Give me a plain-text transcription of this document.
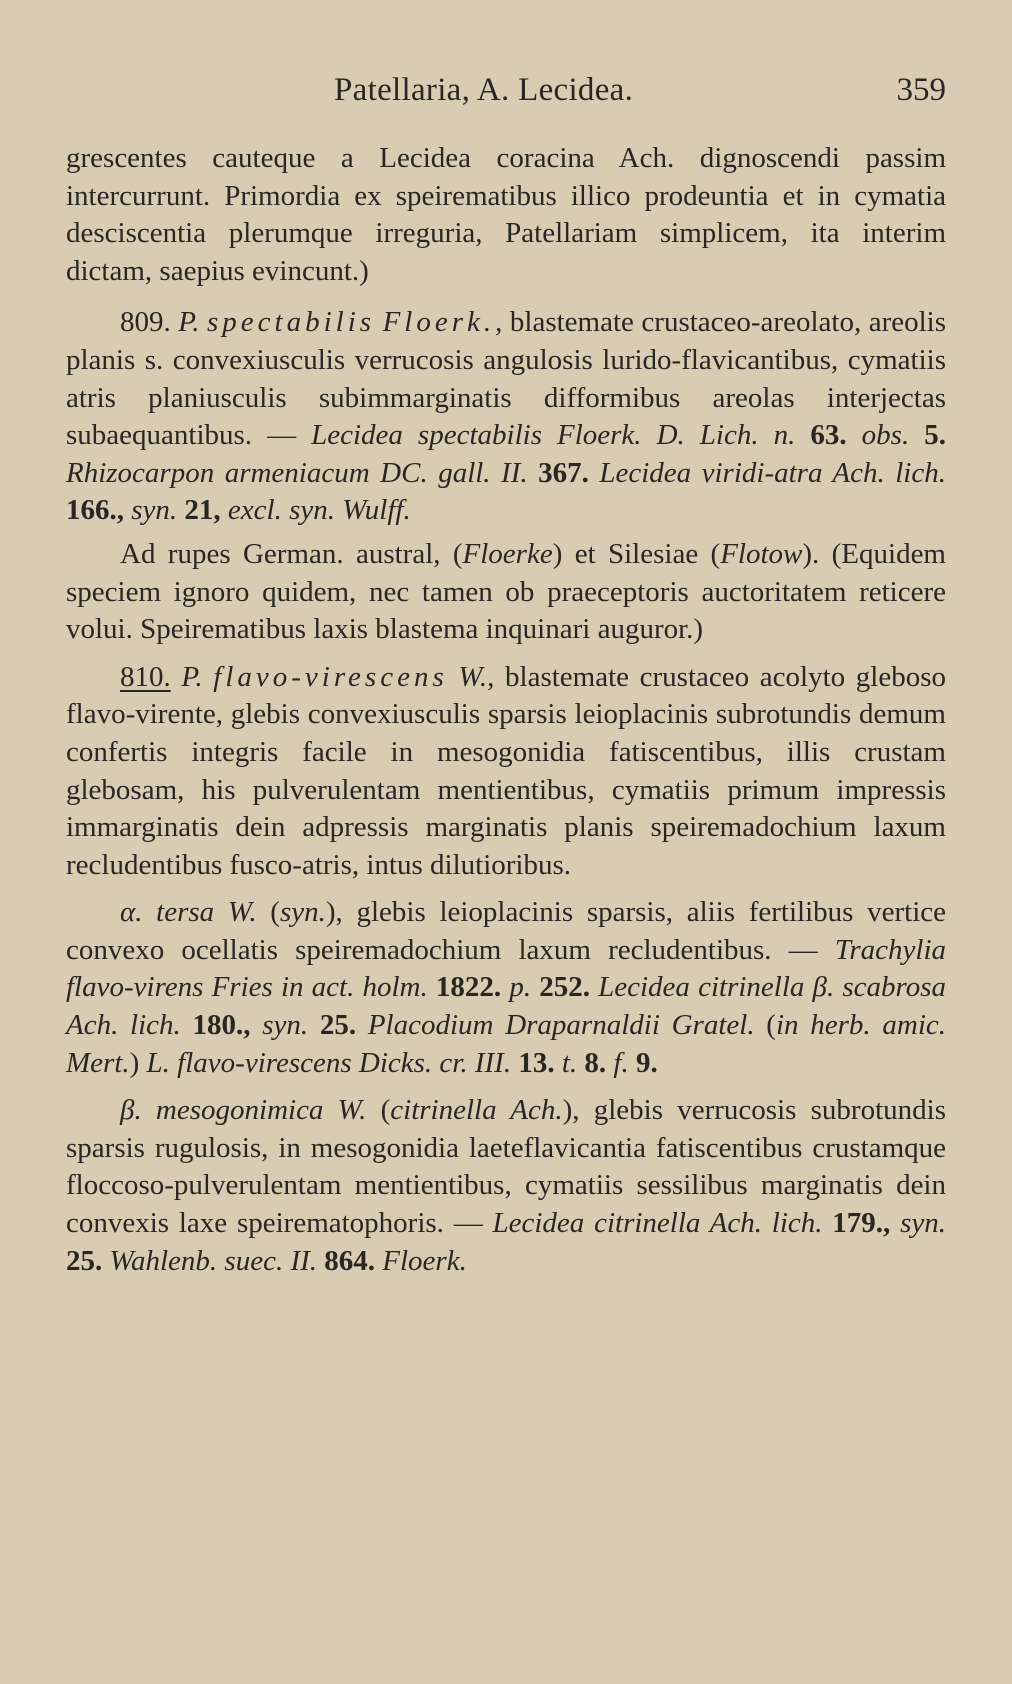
Patellaria, A. Lecidea.	359

grescentes cauteque a Lecidea coracina Ach. dignoscendi passim intercurrunt. Primordia ex speirematibus illico prodeuntia et in cymatia desciscentia plerumque irreguria, Patellariam simplicem, ita interim dictam, saepius evincunt.)

809. P. spectabilis Floerk., blastemate crustaceo-areolato, areolis planis s. convexiusculis verrucosis angulosis lurido-flavicantibus, cymatiis atris planiusculis subimmarginatis difformibus areolas interjectas subaequantibus. — Lecidea spectabilis Floerk. D. Lich. n. 63. obs. 5. Rhizocarpon armeniacum DC. gall. II. 367. Lecidea viridi-atra Ach. lich. 166., syn. 21, excl. syn. Wulff.

Ad rupes German. austral, (Floerke) et Silesiae (Flotow). (Equidem speciem ignoro quidem, nec tamen ob praeceptoris auctoritatem reticere volui. Speirematibus laxis blastema inquinari auguror.)

810. P. flavo-virescens W., blastemate crustaceo acolyto gleboso flavo-virente, glebis convexiusculis sparsis leioplacinis subrotundis demum confertis integris facile in mesogonidia fatiscentibus, illis crustam glebosam, his pulverulentam mentientibus, cymatiis primum impressis immarginatis dein adpressis marginatis planis speiremadochium laxum recludentibus fusco-atris, intus dilutioribus.

α. tersa W. (syn.), glebis leioplacinis sparsis, aliis fertilibus vertice convexo ocellatis speiremadochium laxum recludentibus. — Trachylia flavo-virens Fries in act. holm. 1822. p. 252. Lecidea citrinella β. scabrosa Ach. lich. 180., syn. 25. Placodium Draparnaldii Gratel. (in herb. amic. Mert.) L. flavo-virescens Dicks. cr. III. 13. t. 8. f. 9.

β. mesogonimica W. (citrinella Ach.), glebis verrucosis subrotundis sparsis rugulosis, in mesogonidia laeteflavicantia fatiscentibus crustamque floccoso-pulverulentam mentientibus, cymatiis sessilibus marginatis dein convexis laxe speirematophoris. — Lecidea citrinella Ach. lich. 179., syn. 25. Wahlenb. suec. II. 864. Floerk.
